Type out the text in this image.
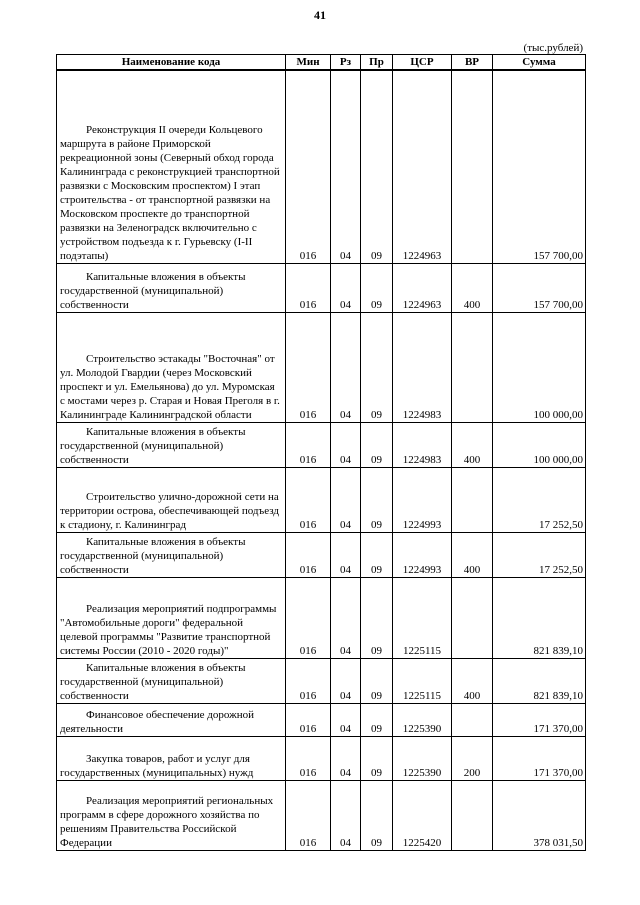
41
(тыс.рублей)
Наименование кода	Мин	Рз	Пр	ЦСР	ВР	Сумма
Реконструкция II очереди Кольцевого маршрута в районе Приморской рекреационной зоны (Северный обход города Калининграда с реконструкцией транспортной развязки с Московским проспектом) I этап строительства - от транспортной развязки на Московском проспекте до транспортной развязки на Зеленоградск включительно с устройством подъезда к г. Гурьевску (I-II подэтапы)	016	04	09	1224963		157 700,00
Капитальные вложения в объекты государственной (муниципальной) собственности	016	04	09	1224963	400	157 700,00
Строительство эстакады "Восточная" от ул. Молодой Гвардии (через Московский проспект и ул. Емельянова) до ул. Муромская с мостами через р. Старая и Новая Преголя в г. Калининграде Калининградской области	016	04	09	1224983		100 000,00
Капитальные вложения в объекты государственной (муниципальной) собственности	016	04	09	1224983	400	100 000,00
Строительство улично-дорожной сети на территории острова, обеспечивающей подъезд к стадиону, г. Калининград	016	04	09	1224993		17 252,50
Капитальные вложения в объекты государственной (муниципальной) собственности	016	04	09	1224993	400	17 252,50
Реализация мероприятий подпрограммы "Автомобильные дороги" федеральной целевой программы "Развитие транспортной системы России (2010 - 2020 годы)"	016	04	09	1225115		821 839,10
Капитальные вложения в объекты государственной (муниципальной) собственности	016	04	09	1225115	400	821 839,10
Финансовое обеспечение дорожной деятельности	016	04	09	1225390		171 370,00
Закупка товаров, работ и услуг для государственных (муниципальных) нужд	016	04	09	1225390	200	171 370,00
Реализация мероприятий региональных программ в сфере дорожного хозяйства по решениям Правительства Российской Федерации	016	04	09	1225420		378 031,50
